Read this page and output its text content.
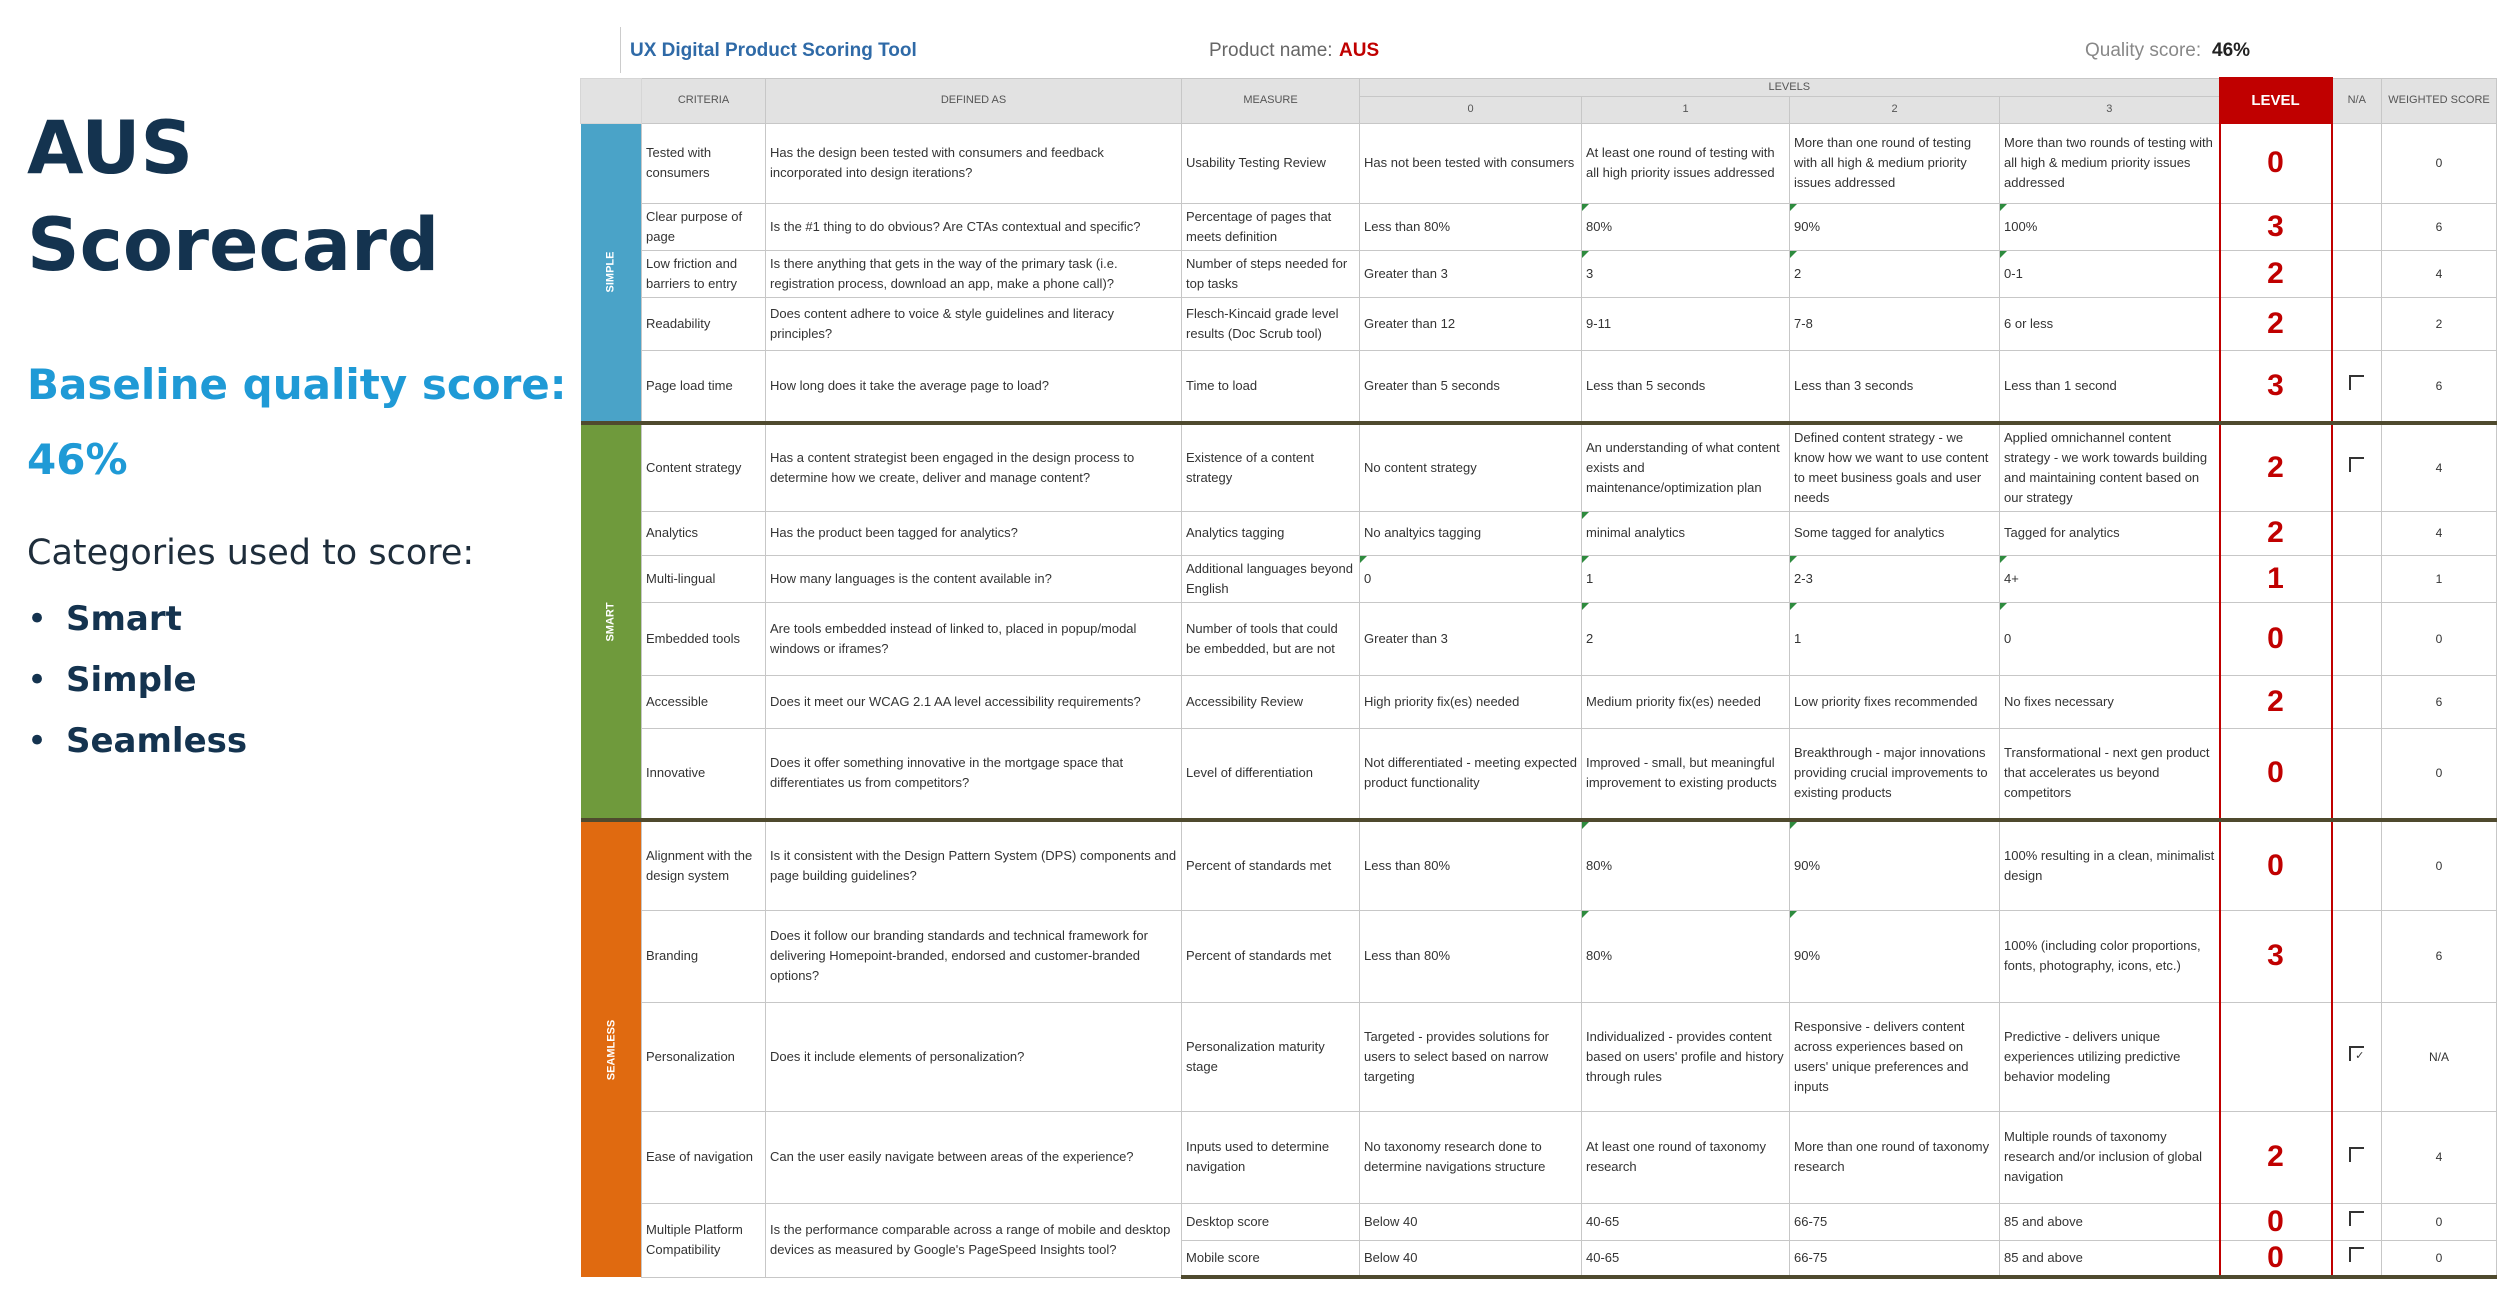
AUS
Scorecard
Baseline quality score:
46%
Categories used to score:
• Smart
• Simple
• Seamless
UX Digital Product Scoring Tool	Product name: AUS	Quality score: 46%
	CRITERIA	DEFINED AS	MEASURE	LEVELS				LEVEL	N/A	WEIGHTED SCORE
				0	1	2	3			
SIMPLE	Tested with consumers	Has the design been tested with consumers and feedback incorporated into design iterations?	Usability Testing Review	Has not been tested with consumers	At least one round of testing with all high priority issues addressed	More than one round of testing with all high & medium priority issues addressed	More than two rounds of testing with all high & medium priority issues addressed	0		0
	Clear purpose of page	Is the #1 thing to do obvious? Are CTAs contextual and specific?	Percentage of pages that meets definition	Less than 80%	80%	90%	100%	3		6
	Low friction and barriers to entry	Is there anything that gets in the way of the primary task (i.e. registration process, download an app, make a phone call)?	Number of steps needed for top tasks	Greater than 3	3	2	0-1	2		4
	Readability	Does content adhere to voice & style guidelines and literacy principles?	Flesch-Kincaid grade level results (Doc Scrub tool)	Greater than 12	9-11	7-8	6 or less	2		2
	Page load time	How long does it take the average page to load?	Time to load	Greater than 5 seconds	Less than 5 seconds	Less than 3 seconds	Less than 1 second	3		6
SMART	Content strategy	Has a content strategist been engaged in the design process to determine how we create, deliver and manage content?	Existence of a content strategy	No content strategy	An understanding of what content exists and maintenance/optimization plan	Defined content strategy - we know how we want to use content to meet business goals and user needs	Applied omnichannel content strategy - we work towards building and maintaining content based on our strategy	2		4
	Analytics	Has the product been tagged for analytics?	Analytics tagging	No analtyics tagging	minimal analytics	Some tagged for analytics	Tagged for analytics	2		4
	Multi-lingual	How many languages is the content available in?	Additional languages beyond English	0	1	2-3	4+	1		1
	Embedded tools	Are tools embedded instead of linked to, placed in popup/modal windows or iframes?	Number of tools that could be embedded, but are not	Greater than 3	2	1	0	0		0
	Accessible	Does it meet our WCAG 2.1 AA level accessibility requirements?	Accessibility Review	High priority fix(es) needed	Medium priority fix(es) needed	Low priority fixes recommended	No fixes necessary	2		6
	Innovative	Does it offer something innovative in the mortgage space that differentiates us from competitors?	Level of differentiation	Not differentiated - meeting expected product functionality	Improved - small, but meaningful improvement to existing products	Breakthrough - major innovations providing crucial improvements to existing products	Transformational - next gen product that accelerates us beyond competitors	0		0
SEAMLESS	Alignment with the design system	Is it consistent with the Design Pattern System (DPS) components and page building guidelines?	Percent of standards met	Less than 80%	80%	90%	100% resulting in a clean, minimalist design	0		0
	Branding	Does it follow our branding standards and technical framework for delivering Homepoint-branded, endorsed and customer-branded options?	Percent of standards met	Less than 80%	80%	90%	100% (including color proportions, fonts, photography, icons, etc.)	3		6
	Personalization	Does it include elements of personalization?	Personalization maturity stage	Targeted - provides solutions for users to select based on narrow targeting	Individualized - provides content based on users' profile and history through rules	Responsive - delivers content across experiences based on users' unique preferences and inputs	Predictive - delivers unique experiences utilizing predictive behavior modeling		✓	N/A
	Ease of navigation	Can the user easily navigate between areas of the experience?	Inputs used to determine navigation	No taxonomy research done to determine navigations structure	At least one round of taxonomy research	More than one round of taxonomy research	Multiple rounds of taxonomy research and/or inclusion of global navigation	2		4
	Multiple Platform Compatibility	Is the performance comparable across a range of mobile and desktop devices as measured by Google's PageSpeed Insights tool?	Desktop score	Below 40	40-65	66-75	85 and above	0		0
			Mobile score	Below 40	40-65	66-75	85 and above	0		0
